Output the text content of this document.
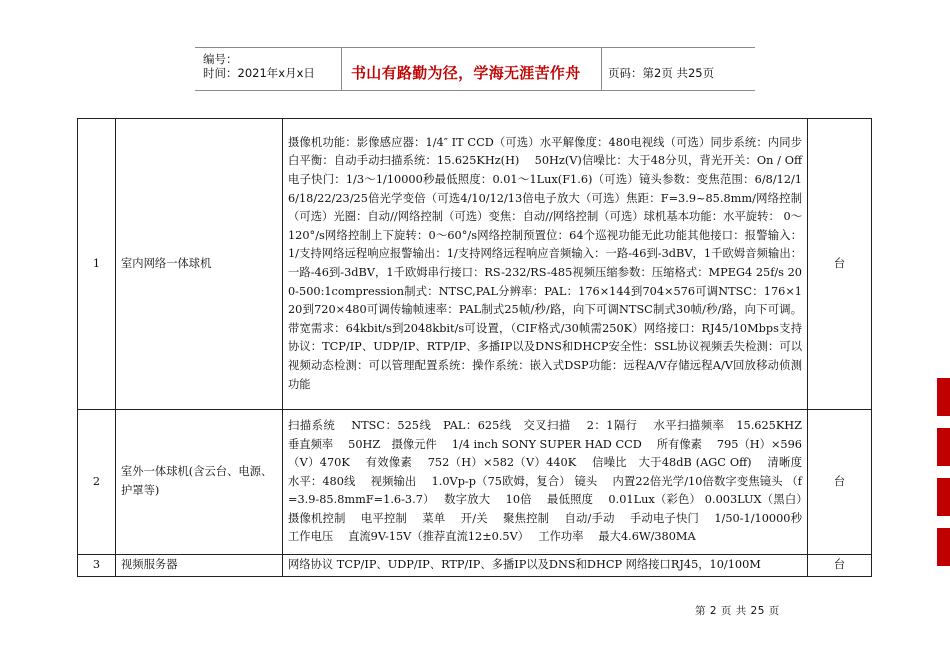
编号：
时间：2021年x月x日 书山有路勤为径，学海无涯苦作舟 页码：第2页 共25页
1	室内网络一体球机	摄像机功能：影像感应器：1/4″ IT CCD（可选）水平解像度：480电视线（可选）同步系统：内同步白平衡：自动手动扫描系统：15.625KHz(H)　 50Hz(V)信噪比：大于48分贝，背光开关：On / Off电子快门：1/3～1/10000秒最低照度：0.01～1Lux(F1.6)（可选）镜头参数：变焦范围：6/8/12/16/18/22/23/25倍光学变倍（可选4/10/12/13倍电子放大（可选）焦距：F=3.9~85.8mm/网络控制（可选）光圈：自动//网络控制（可选）变焦：自动//网络控制（可选）球机基本功能：水平旋转： 0～120°/s网络控制上下旋转：0～60°/s网络控制预置位：64个巡视功能无此功能其他接口：报警输入：1/支持网络远程响应报警输出：1/支持网络远程响应音频输入：一路-46到-3dBV，1千欧姆音频输出：一路-46到-3dBV，1千欧姆串行接口：RS-232/RS-485视频压缩参数：压缩格式：MPEG4 25f/s 200-500:1compression制式：NTSC,PAL分辨率：PAL：176×144到704×576可调NTSC：176×120到720×480可调传输帧速率：PAL制式25帧/秒/路，向下可调NTSC制式30帧/秒/路，向下可调。带宽需求：64kbit/s到2048kbit/s可设置，（CIF格式/30帧需250K）网络接口：RJ45/10Mbps支持协议：TCP/IP、UDP/IP、RTP/IP、多播IP以及DNS和DHCP安全性：SSL协议视频丢失检测：可以视频动态检测：可以管理配置系统：操作系统：嵌入式DSP功能：远程A/V存储远程A/V回放移动侦测功能	台
2	室外一体球机(含云台、电源、护罩等)	扫描系统　 NTSC：525线　PAL：625线　交叉扫描　 2：1隔行　 水平扫描频率　15.625KHZ　 垂直频率　 50HZ　摄像元件　 1/4 inch SONY SUPER HAD CCD　 所有像素　 795（H）×596（V）470K　 有效像素　 752（H）×582（V）440K　 信噪比　大于48dB (AGC Off)　 清晰度　 水平：480线　 视频输出　 1.0Vp-p（75欧姆，复合） 镜头　 内置22倍光学/10倍数字变焦镜头 （f=3.9-85.8mmF=1.6-3.7）　 数字放大　 10倍　 最低照度　 0.01Lux（彩色） 0.003LUX（黑白）　 摄像机控制　 电平控制　 菜单　 开/关　 聚焦控制　 自动/手动　 手动电子快门　 1/50-1/10000秒工作电压　 直流9V-15V（推荐直流12±0.5V）　 工作功率　 最大4.6W/380MA	台
3	视频服务器	网络协议 TCP/IP、UDP/IP、RTP/IP、多播IP以及DNS和DHCP 网络接口RJ45，10/100M	台
第 2 页 共 25 页
